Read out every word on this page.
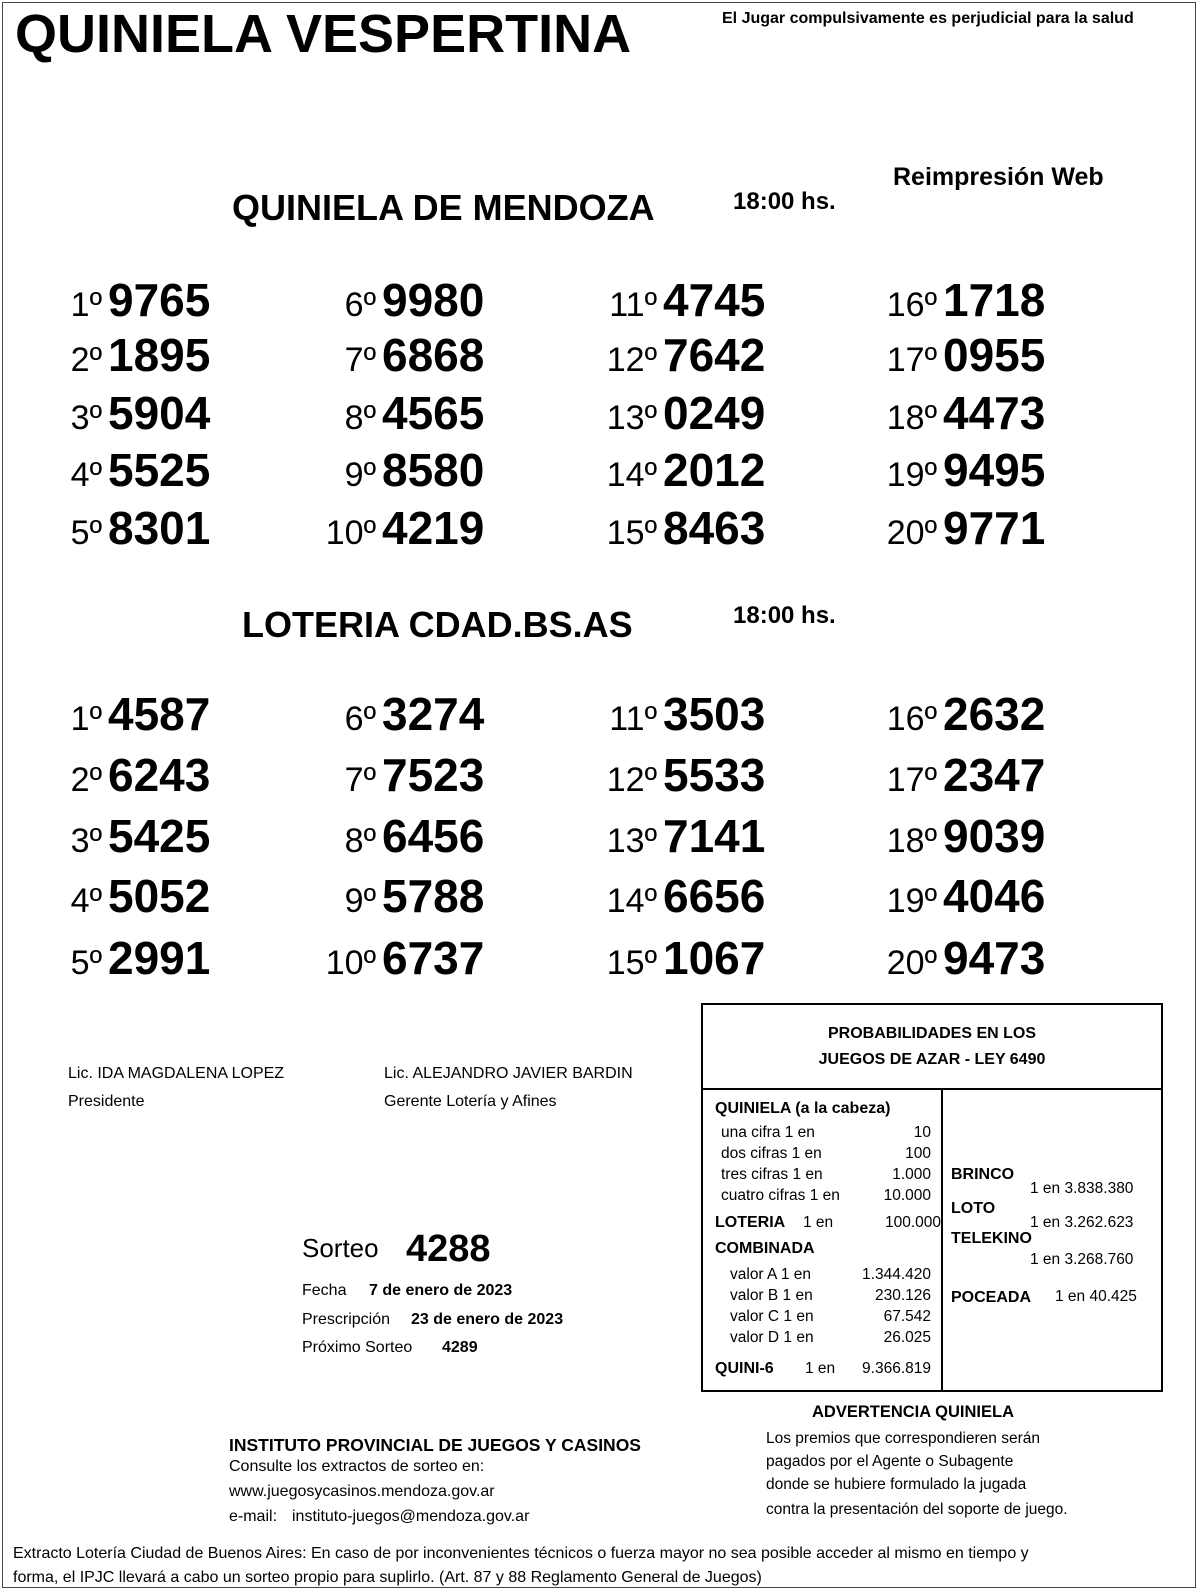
QUINIELA VESPERTINA	El Jugar compulsivamente es perjudicial para la salud
Reimpresión Web
QUINIELA DE MENDOZA	18:00 hs.
1º 9765
2º 1895
3º 5904
4º 5525
5º 8301
6º 9980
7º 6868
8º 4565
9º 8580
10º 4219
11º 4745
12º 7642
13º 0249
14º 2012
15º 8463
16º 1718
17º 0955
18º 4473
19º 9495
20º 9771
LOTERIA CDAD.BS.AS	18:00 hs.
1º 4587
2º 6243
3º 5425
4º 5052
5º 2991
6º 3274
7º 7523
8º 6456
9º 5788
10º 6737
11º 3503
12º 5533
13º 7141
14º 6656
15º 1067
16º 2632
17º 2347
18º 9039
19º 4046
20º 9473
Lic. IDA MAGDALENA LOPEZ
Presidente
Lic. ALEJANDRO JAVIER BARDIN
Gerente Lotería y Afines
PROBABILIDADES EN LOS
JUEGOS DE AZAR - LEY 6490
QUINIELA (a la cabeza)
una cifra 1 en	10
dos cifras 1 en	100
tres cifras 1 en	1.000
cuatro cifras 1 en	10.000
LOTERIA 1 en	100.000
COMBINADA
valor A 1 en	1.344.420
valor B 1 en	230.126
valor C 1 en	67.542
valor D 1 en	26.025
QUINI-6 1 en 9.366.819
BRINCO
1 en 3.838.380
LOTO
1 en 3.262.623
TELEKINO
1 en 3.268.760
POCEADA 1 en 40.425
Sorteo 4288
Fecha 7 de enero de 2023
Prescripción 23 de enero de 2023
Próximo Sorteo 4289
INSTITUTO PROVINCIAL DE JUEGOS Y CASINOS
Consulte los extractos de sorteo en:
www.juegosycasinos.mendoza.gov.ar
e-mail: instituto-juegos@mendoza.gov.ar
ADVERTENCIA QUINIELA
Los premios que correspondieren serán
pagados por el Agente o Subagente
donde se hubiere formulado la jugada
contra la presentación del soporte de juego.
Extracto Lotería Ciudad de Buenos Aires: En caso de por inconvenientes técnicos o fuerza mayor no sea posible acceder al mismo en tiempo y
forma, el IPJC llevará a cabo un sorteo propio para suplirlo. (Art. 87 y 88 Reglamento General de Juegos)
